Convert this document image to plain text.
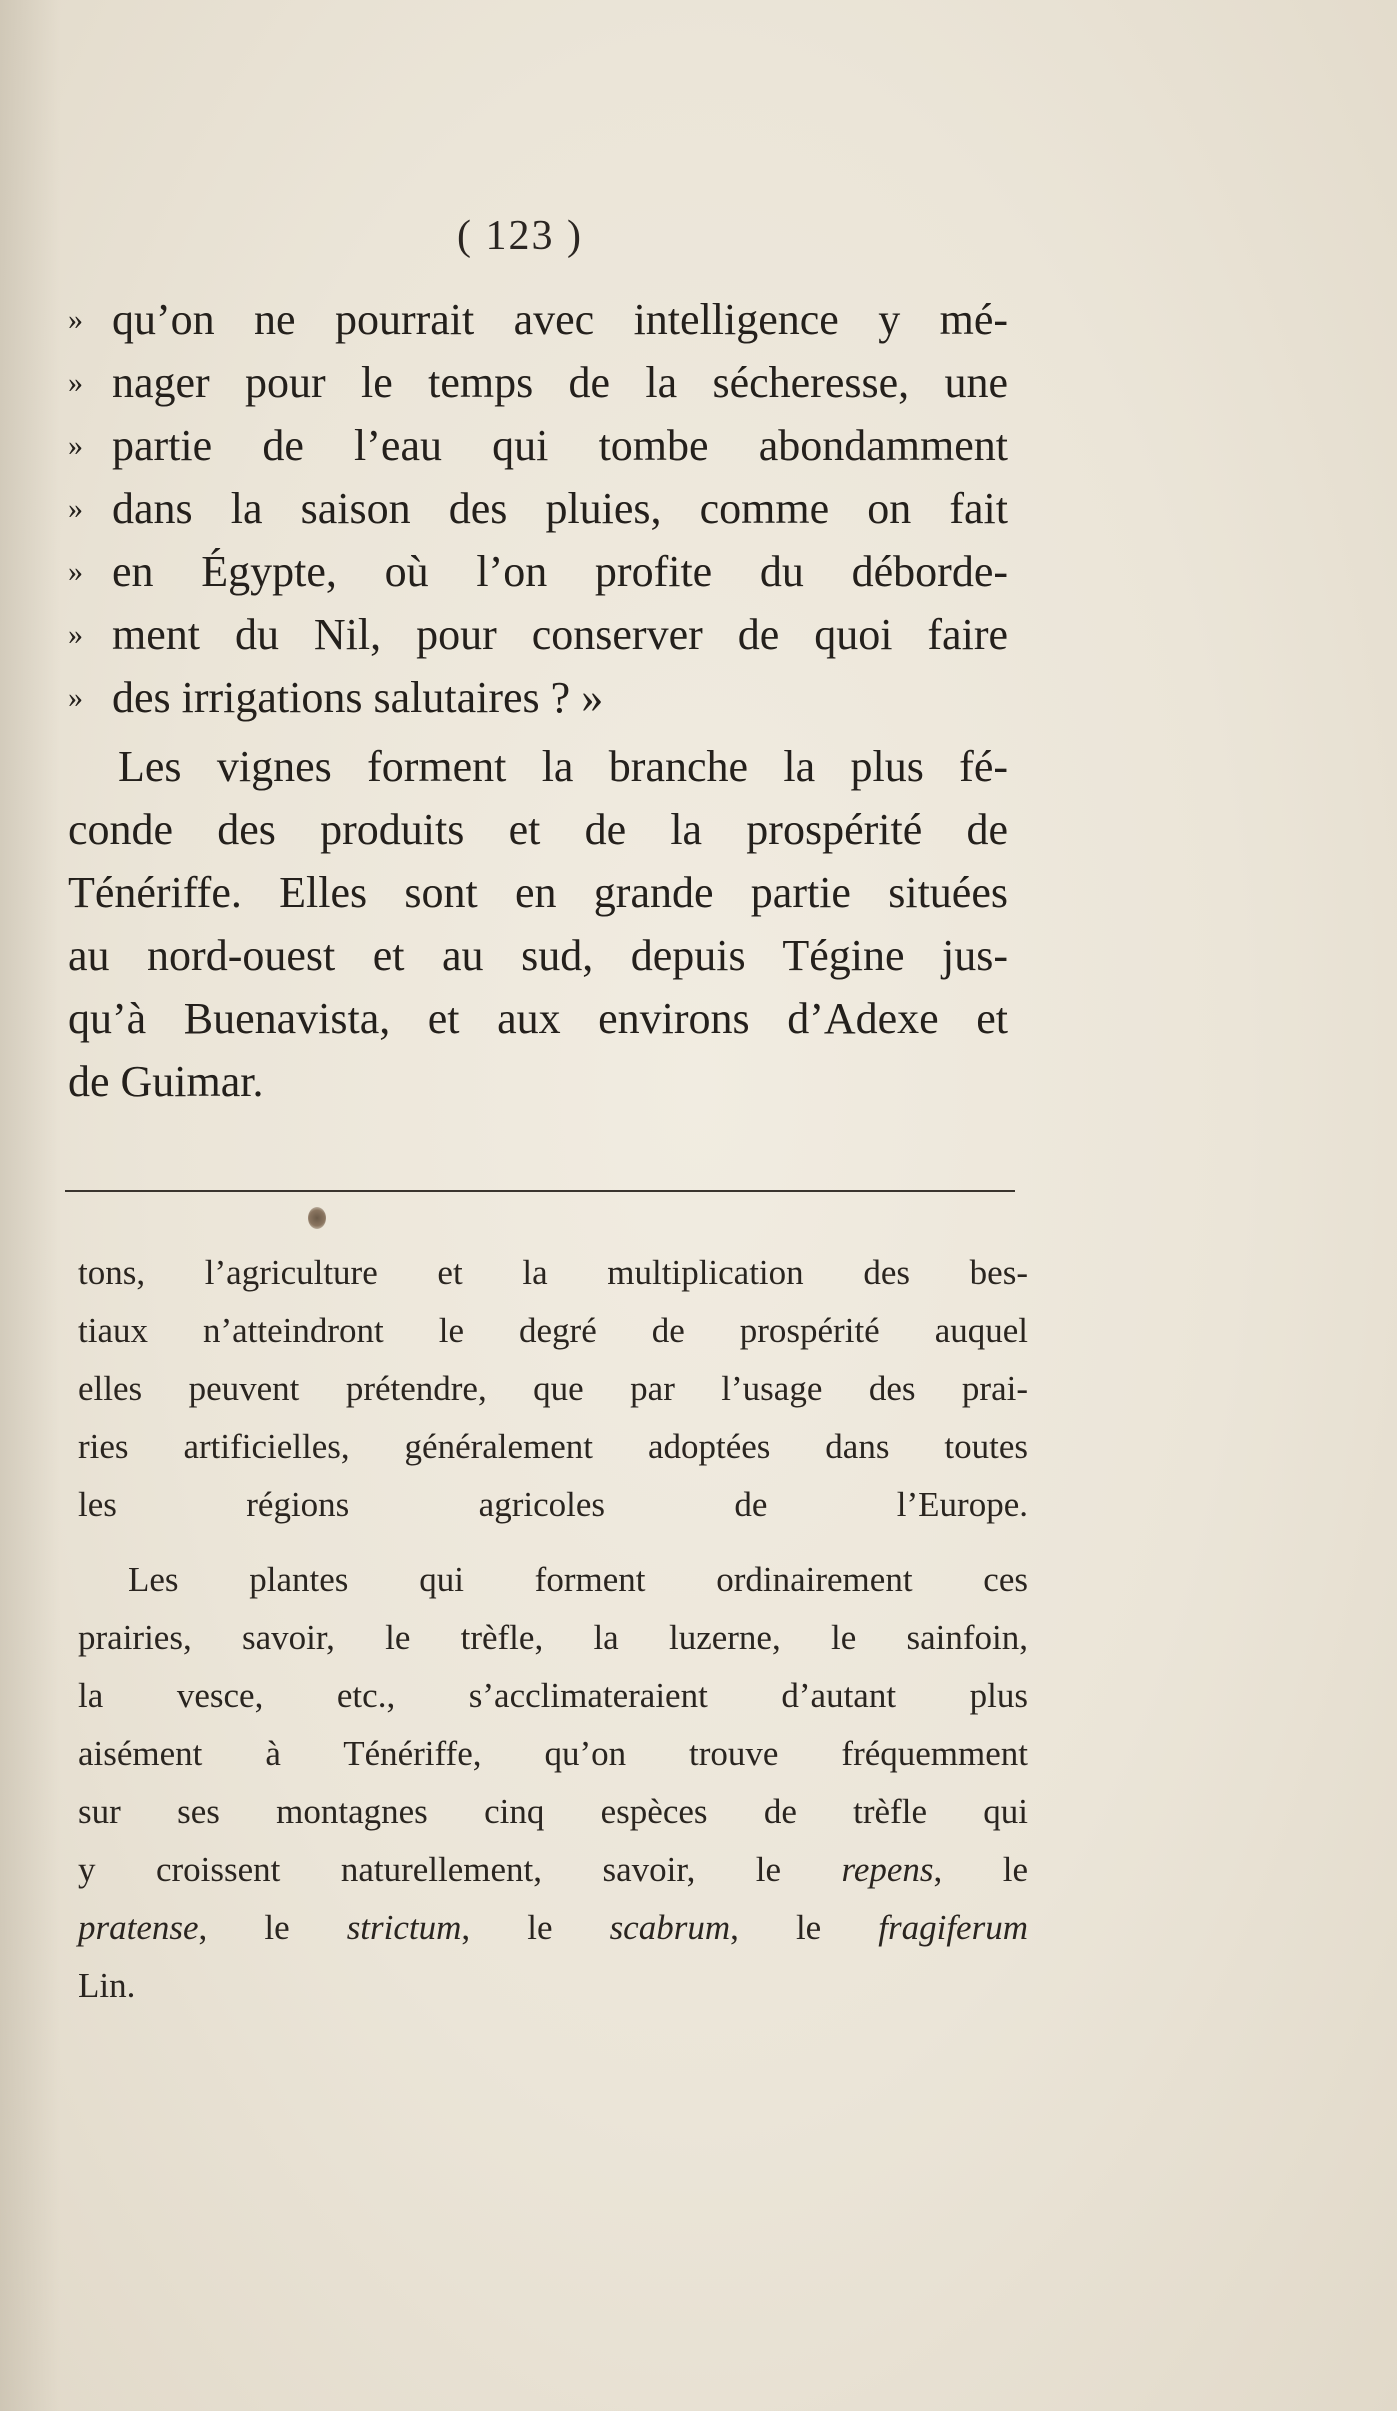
( 123 )
» qu’on ne pourrait avec intelligence y mé-
» nager pour le temps de la sécheresse, une
» partie de l’eau qui tombe abondamment
» dans la saison des pluies, comme on fait
» en Égypte, où l’on profite du déborde-
» ment du Nil, pour conserver de quoi faire
» des irrigations salutaires ? »
Les vignes forment la branche la plus fé-
conde des produits et de la prospérité de
Ténériffe. Elles sont en grande partie situées
au nord-ouest et au sud, depuis Tégine jus-
qu’à Buenavista, et aux environs d’Adexe et
de Guimar.
tons, l’agriculture et la multiplication des bes-
tiaux n’atteindront le degré de prospérité auquel
elles peuvent prétendre, que par l’usage des prai-
ries artificielles, généralement adoptées dans toutes
les régions agricoles de l’Europe.
Les plantes qui forment ordinairement ces
prairies, savoir, le trèfle, la luzerne, le sainfoin,
la vesce, etc., s’acclimateraient d’autant plus
aisément à Ténériffe, qu’on trouve fréquemment
sur ses montagnes cinq espèces de trèfle qui
y croissent naturellement, savoir, le repens, le
pratense, le strictum, le scabrum, le fragiferum
Lin.
